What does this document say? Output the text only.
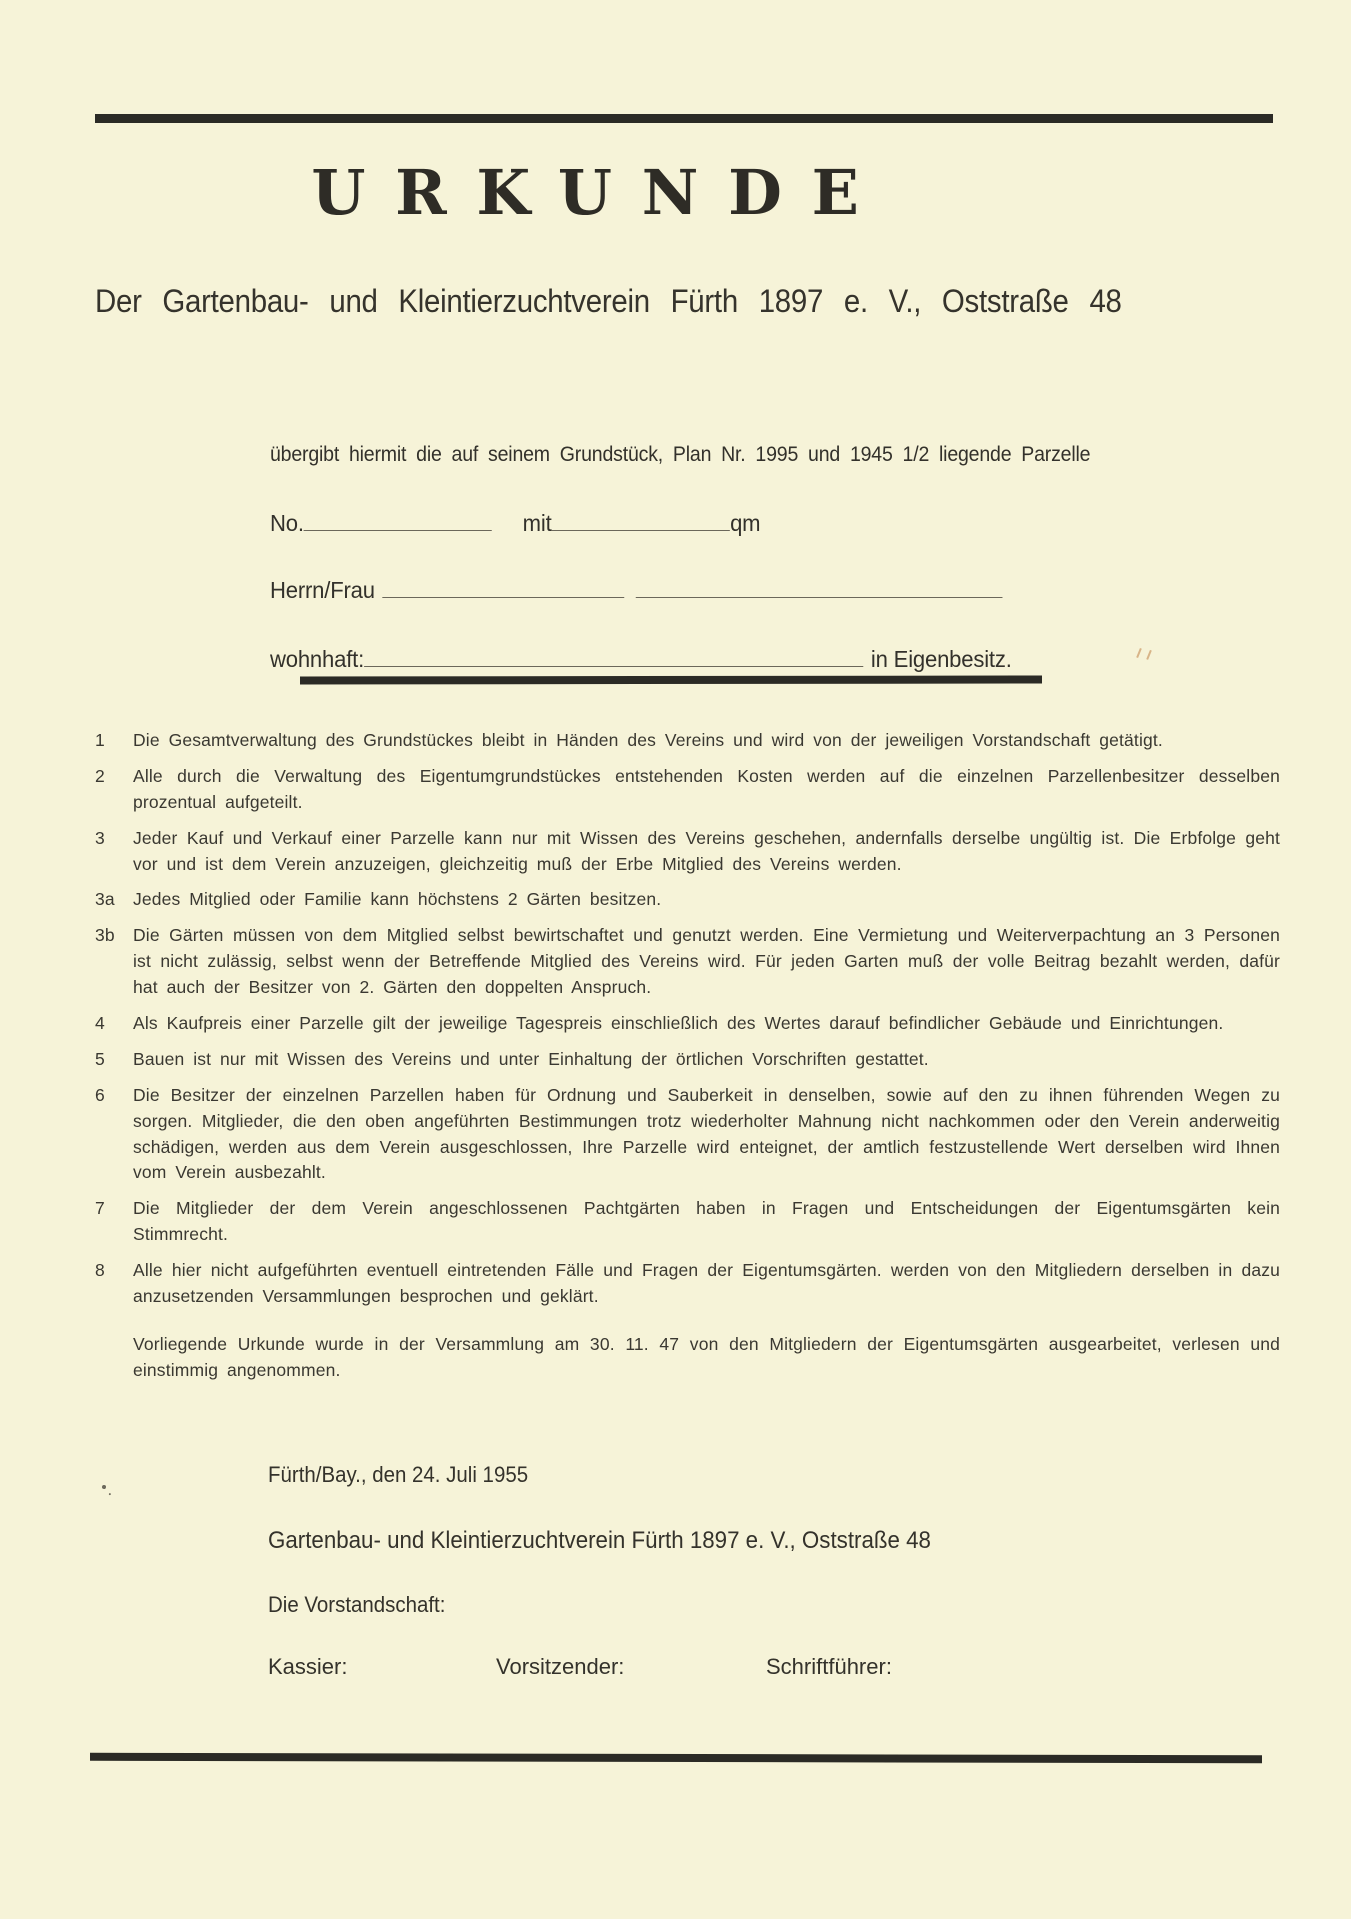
URKUNDE
Der Gartenbau- und Kleintierzuchtverein Fürth 1897 e. V., Oststraße 48
übergibt hiermit die auf seinem Grundstück, Plan Nr. 1995 und 1945 1/2 liegende Parzelle
No.	mit	qm
Herrn/Frau
wohnhaft:	in Eigenbesitz.
1	Die Gesamtverwaltung des Grundstückes bleibt in Händen des Vereins und wird von der jeweiligen Vorstandschaft getätigt.
2	Alle durch die Verwaltung des Eigentumgrundstückes entstehenden Kosten werden auf die einzelnen Parzellenbesitzer desselben prozentual aufgeteilt.
3	Jeder Kauf und Verkauf einer Parzelle kann nur mit Wissen des Vereins geschehen, andernfalls derselbe ungültig ist. Die Erbfolge geht vor und ist dem Verein anzuzeigen, gleichzeitig muß der Erbe Mitglied des Vereins werden.
3a	Jedes Mitglied oder Familie kann höchstens 2 Gärten besitzen.
3b	Die Gärten müssen von dem Mitglied selbst bewirtschaftet und genutzt werden. Eine Vermietung und Weiterverpachtung an 3 Personen ist nicht zulässig, selbst wenn der Betreffende Mitglied des Vereins wird. Für jeden Garten muß der volle Beitrag bezahlt werden, dafür hat auch der Besitzer von 2. Gärten den doppelten Anspruch.
4	Als Kaufpreis einer Parzelle gilt der jeweilige Tagespreis einschließlich des Wertes darauf befindlicher Gebäude und Einrichtungen.
5	Bauen ist nur mit Wissen des Vereins und unter Einhaltung der örtlichen Vorschriften gestattet.
6	Die Besitzer der einzelnen Parzellen haben für Ordnung und Sauberkeit in denselben, sowie auf den zu ihnen führenden Wegen zu sorgen. Mitglieder, die den oben angeführten Bestimmungen trotz wiederholter Mahnung nicht nachkommen oder den Verein anderweitig schädigen, werden aus dem Verein ausgeschlossen, Ihre Parzelle wird enteignet, der amtlich festzustellende Wert derselben wird Ihnen vom Verein ausbezahlt.
7	Die Mitglieder der dem Verein angeschlossenen Pachtgärten haben in Fragen und Entscheidungen der Eigentumsgärten kein Stimmrecht.
8	Alle hier nicht aufgeführten eventuell eintretenden Fälle und Fragen der Eigentumsgärten. werden von den Mitgliedern derselben in dazu anzusetzenden Versammlungen besprochen und geklärt.
Vorliegende Urkunde wurde in der Versammlung am 30. 11. 47 von den Mitgliedern der Eigentumsgärten ausgearbeitet, verlesen und einstimmig angenommen.
Fürth/Bay., den 24. Juli 1955
Gartenbau- und Kleintierzuchtverein Fürth 1897 e. V., Oststraße 48
Die Vorstandschaft:
Kassier:	Vorsitzender:	Schriftführer:
